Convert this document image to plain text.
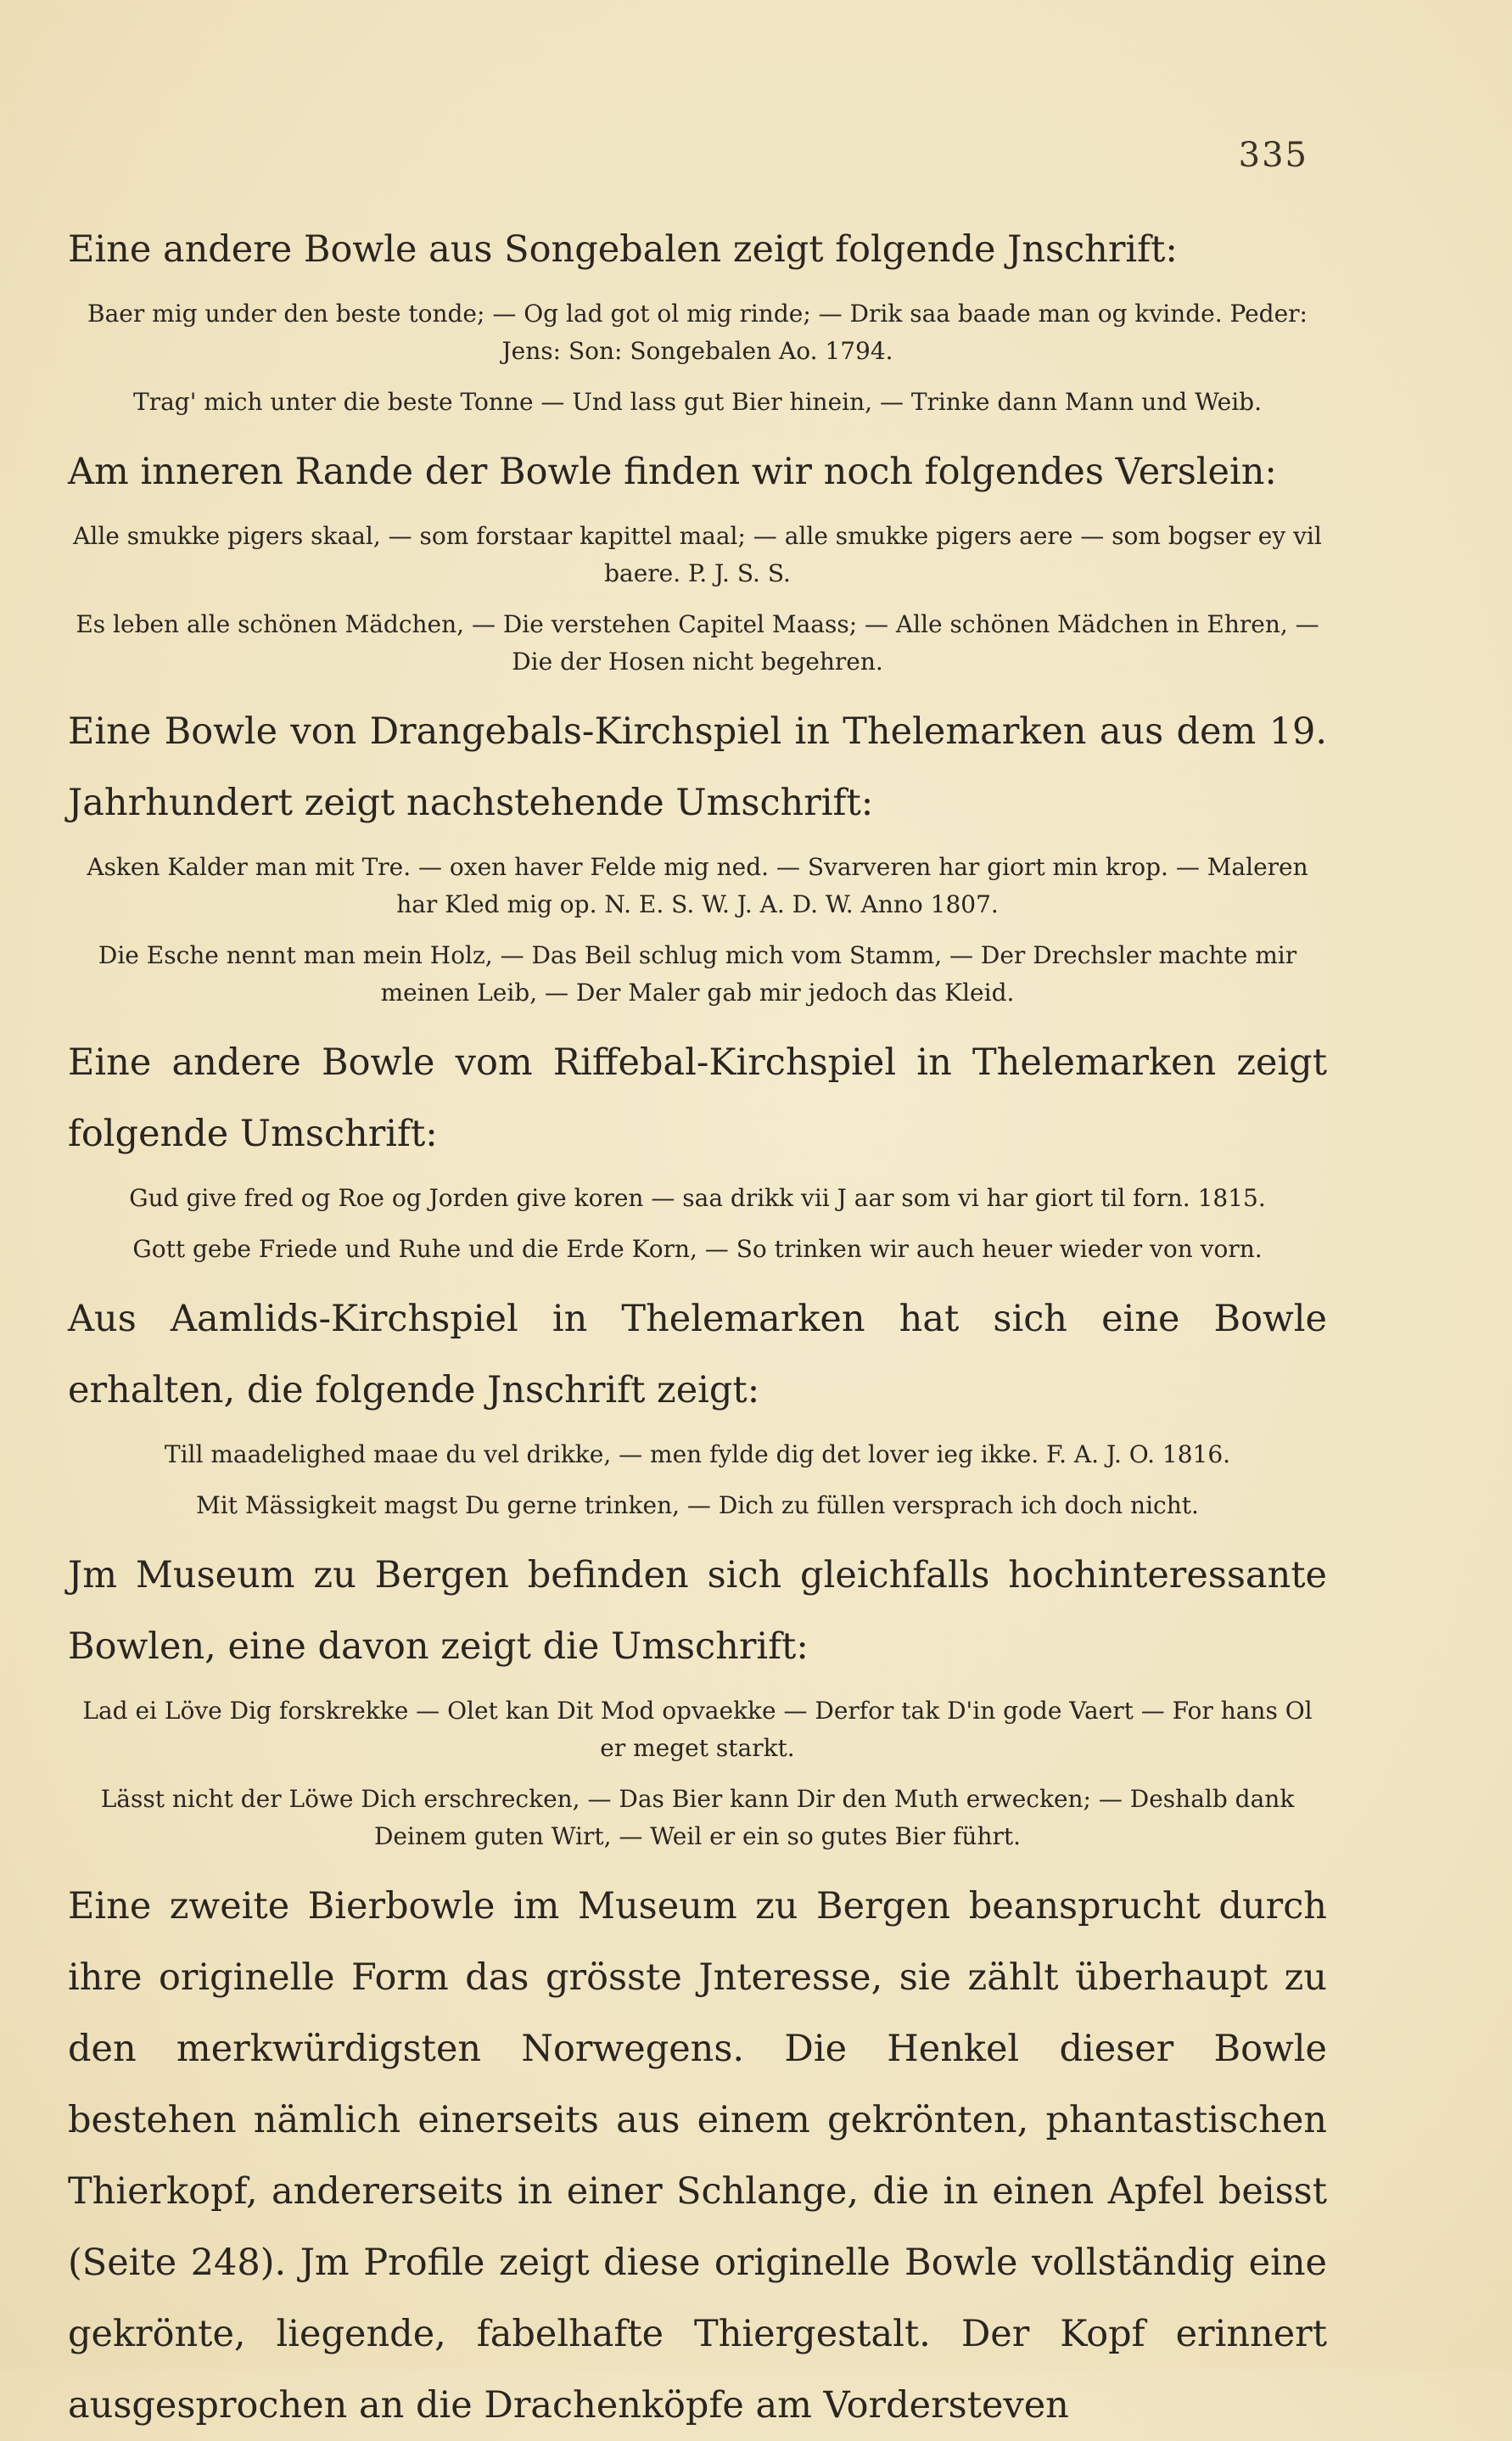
335

Eine andere Bowle aus Songebalen zeigt folgende Jnschrift:

Baer mig under den beste tonde; — Og lad got ol mig rinde; — Drik saa baade man og kvinde. Peder: Jens: Son: Songebalen Ao. 1794.

Trag' mich unter die beste Tonne — Und lass gut Bier hinein, — Trinke dann Mann und Weib.

Am inneren Rande der Bowle finden wir noch folgendes Verslein:

Alle smukke pigers skaal, — som forstaar kapittel maal; — alle smukke pigers aere — som bogser ey vil baere. P. J. S. S.

Es leben alle schönen Mädchen, — Die verstehen Capitel Maass; — Alle schönen Mädchen in Ehren, — Die der Hosen nicht begehren.

Eine Bowle von Drangebals-Kirchspiel in Thelemarken aus dem 19. Jahrhundert zeigt nachstehende Umschrift:

Asken Kalder man mit Tre. — oxen haver Felde mig ned. — Svarveren har giort min krop. — Maleren har Kled mig op. N. E. S. W. J. A. D. W. Anno 1807.

Die Esche nennt man mein Holz, — Das Beil schlug mich vom Stamm, — Der Drechsler machte mir meinen Leib, — Der Maler gab mir jedoch das Kleid.

Eine andere Bowle vom Riffebal-Kirchspiel in Thelemarken zeigt folgende Umschrift:

Gud give fred og Roe og Jorden give koren — saa drikk vii J aar som vi har giort til forn. 1815.

Gott gebe Friede und Ruhe und die Erde Korn, — So trinken wir auch heuer wieder von vorn.

Aus Aamlids-Kirchspiel in Thelemarken hat sich eine Bowle erhalten, die folgende Jnschrift zeigt:

Till maadelighed maae du vel drikke, — men fylde dig det lover ieg ikke. F. A. J. O. 1816.

Mit Mässigkeit magst Du gerne trinken, — Dich zu füllen versprach ich doch nicht.

Jm Museum zu Bergen befinden sich gleichfalls hochinteressante Bowlen, eine davon zeigt die Umschrift:

Lad ei Löve Dig forskrekke — Olet kan Dit Mod opvaekke — Derfor tak D'in gode Vaert — For hans Ol er meget starkt.

Lässt nicht der Löwe Dich erschrecken, — Das Bier kann Dir den Muth erwecken; — Deshalb dank Deinem guten Wirt, — Weil er ein so gutes Bier führt.

Eine zweite Bierbowle im Museum zu Bergen beansprucht durch ihre originelle Form das grösste Jnteresse, sie zählt überhaupt zu den merkwürdigsten Norwegens. Die Henkel dieser Bowle bestehen nämlich einerseits aus einem gekrönten, phantastischen Thierkopf, andererseits in einer Schlange, die in einen Apfel beisst (Seite 248). Jm Profile zeigt diese originelle Bowle vollständig eine gekrönte, liegende, fabelhafte Thiergestalt. Der Kopf erinnert ausgesprochen an die Drachenköpfe am Vordersteven
